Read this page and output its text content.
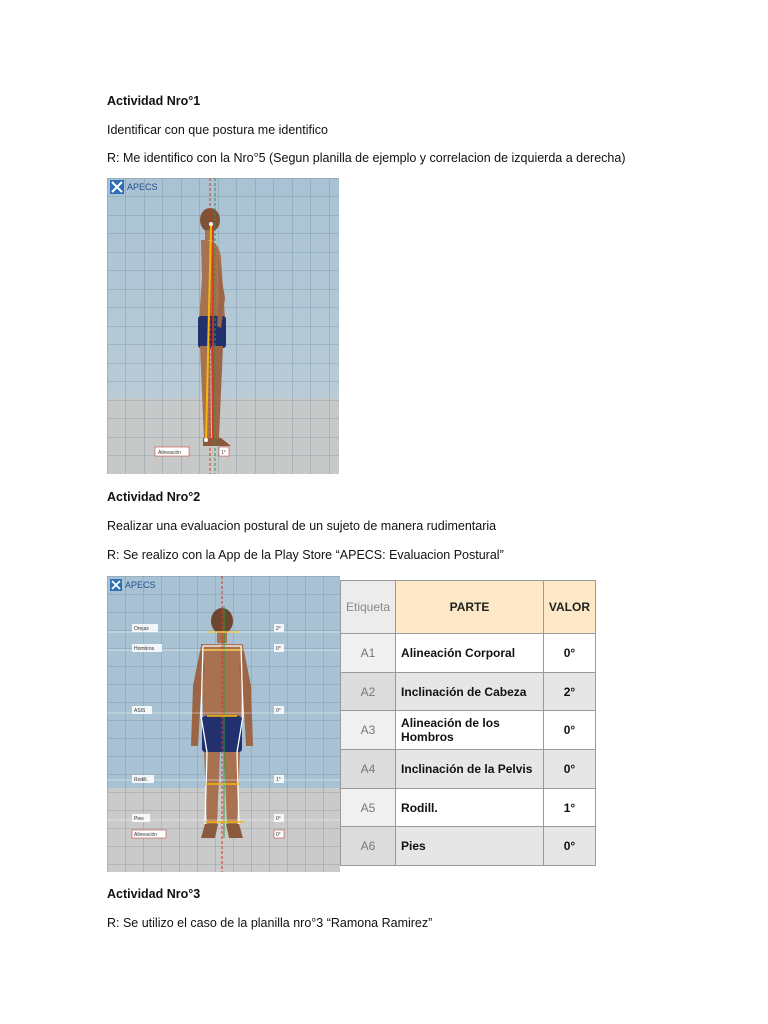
Actividad Nro°1
Identificar con que postura me identifico
R: Me identifico con la Nro°5 (Segun planilla de ejemplo y correlacion de izquierda a derecha)
APECS
Alineación	1°
Actividad Nro°2
Realizar una evaluacion postural de un sujeto de manera rudimentaria
R: Se realizo con la App de la Play Store “APECS: Evaluacion Postural”
APECS
Orejas	2°
Hombros	0°
ASIS	0°
Rodill.	1°
Pies	0°
Alineación	0°
Etiqueta	PARTE	VALOR
A1	Alineación Corporal	0°
A2	Inclinación de Cabeza	2°
A3	Alineación de los Hombros	0°
A4	Inclinación de la Pelvis	0°
A5	Rodill.	1°
A6	Pies	0°
Actividad Nro°3
R: Se utilizo el caso de la planilla nro°3 “Ramona Ramirez”
